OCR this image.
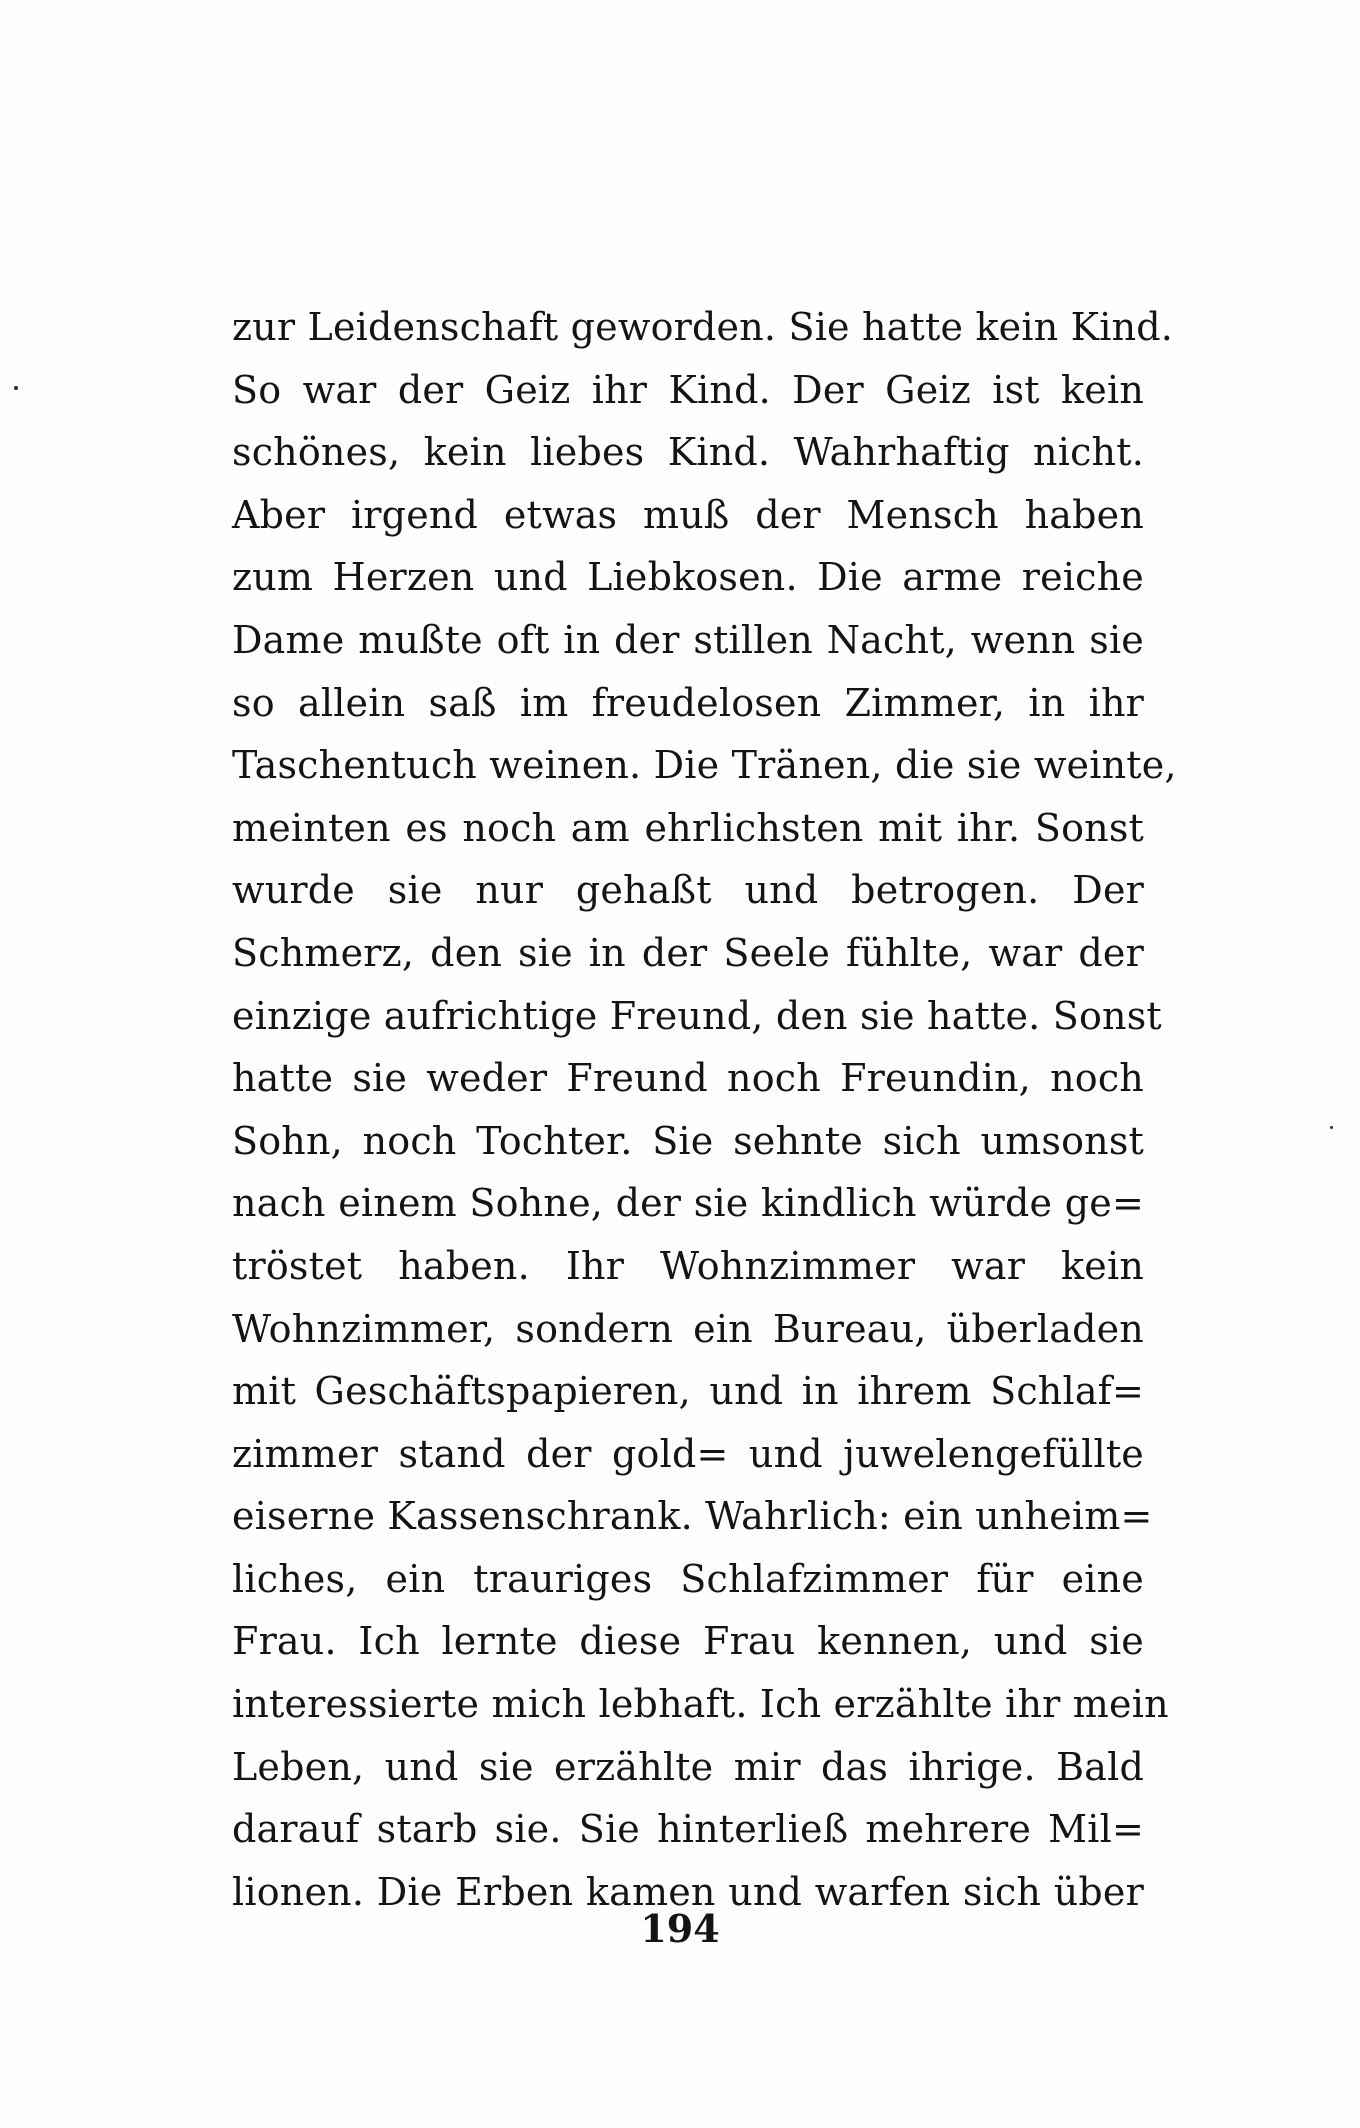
zur Leidenschaft geworden. Sie hatte kein Kind.
So war der Geiz ihr Kind. Der Geiz ist kein
schönes, kein liebes Kind. Wahrhaftig nicht.
Aber irgend etwas muß der Mensch haben
zum Herzen und Liebkosen. Die arme reiche
Dame mußte oft in der stillen Nacht, wenn sie
so allein saß im freudelosen Zimmer, in ihr
Taschentuch weinen. Die Tränen, die sie weinte,
meinten es noch am ehrlichsten mit ihr. Sonst
wurde sie nur gehaßt und betrogen. Der
Schmerz, den sie in der Seele fühlte, war der
einzige aufrichtige Freund, den sie hatte. Sonst
hatte sie weder Freund noch Freundin, noch
Sohn, noch Tochter. Sie sehnte sich umsonst
nach einem Sohne, der sie kindlich würde ge=
tröstet haben. Ihr Wohnzimmer war kein
Wohnzimmer, sondern ein Bureau, überladen
mit Geschäftspapieren, und in ihrem Schlaf=
zimmer stand der gold= und juwelengefüllte
eiserne Kassenschrank. Wahrlich: ein unheim=
liches, ein trauriges Schlafzimmer für eine
Frau. Ich lernte diese Frau kennen, und sie
interessierte mich lebhaft. Ich erzählte ihr mein
Leben, und sie erzählte mir das ihrige. Bald
darauf starb sie. Sie hinterließ mehrere Mil=
lionen. Die Erben kamen und warfen sich über
194
